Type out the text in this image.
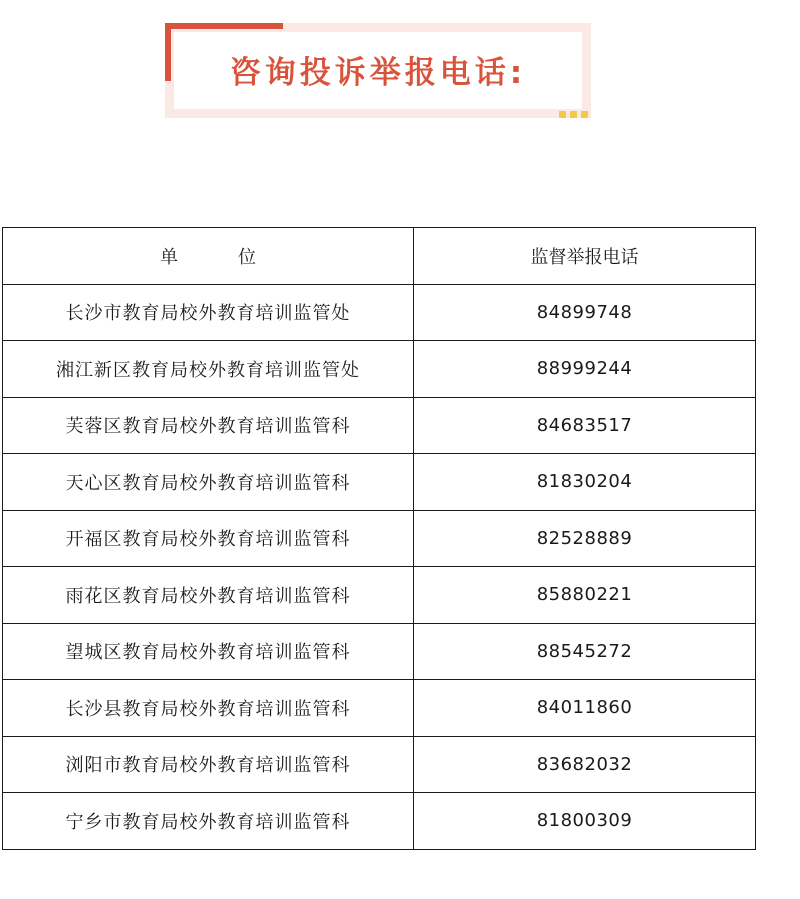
咨询投诉举报电话:
单位	监督举报电话
长沙市教育局校外教育培训监管处	84899748
湘江新区教育局校外教育培训监管处	88999244
芙蓉区教育局校外教育培训监管科	84683517
天心区教育局校外教育培训监管科	81830204
开福区教育局校外教育培训监管科	82528889
雨花区教育局校外教育培训监管科	85880221
望城区教育局校外教育培训监管科	88545272
长沙县教育局校外教育培训监管科	84011860
浏阳市教育局校外教育培训监管科	83682032
宁乡市教育局校外教育培训监管科	81800309
